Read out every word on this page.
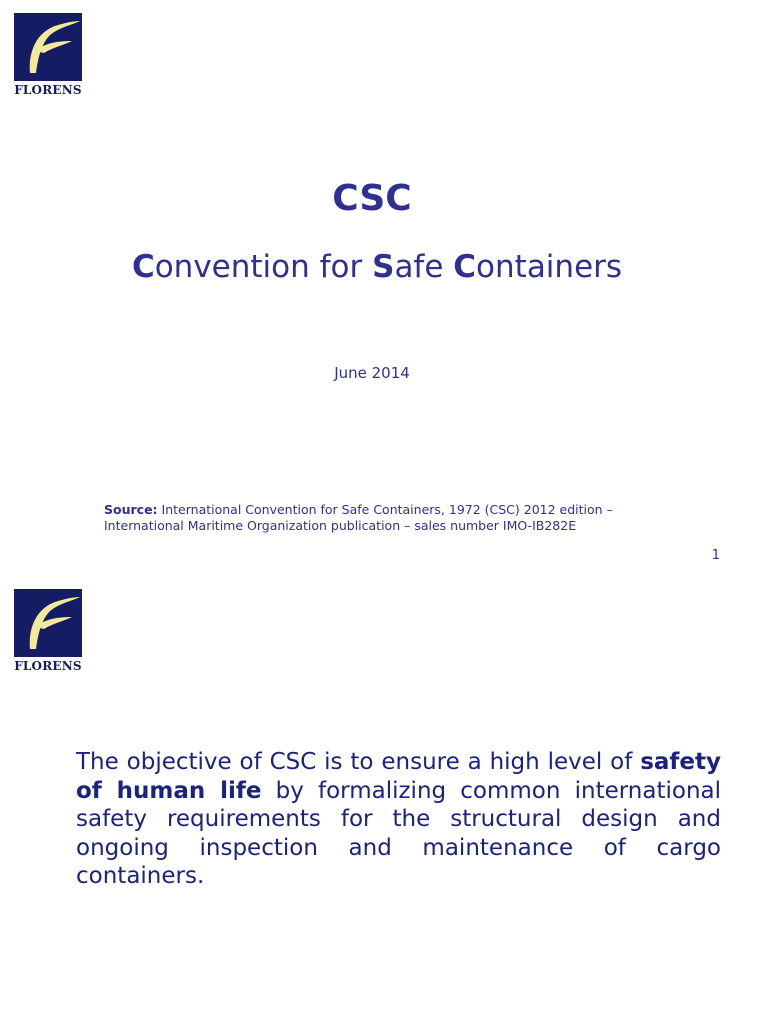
FLORENS
CSC

Convention for Safe Containers

June 2014
Source: International Convention for Safe Containers, 1972 (CSC) 2012 edition –
International Maritime Organization publication – sales number IMO-IB282E
1
FLORENS

The objective of CSC is to ensure a high level of safety of human life by formalizing common international safety requirements for the structural design and ongoing inspection and maintenance of cargo containers.
